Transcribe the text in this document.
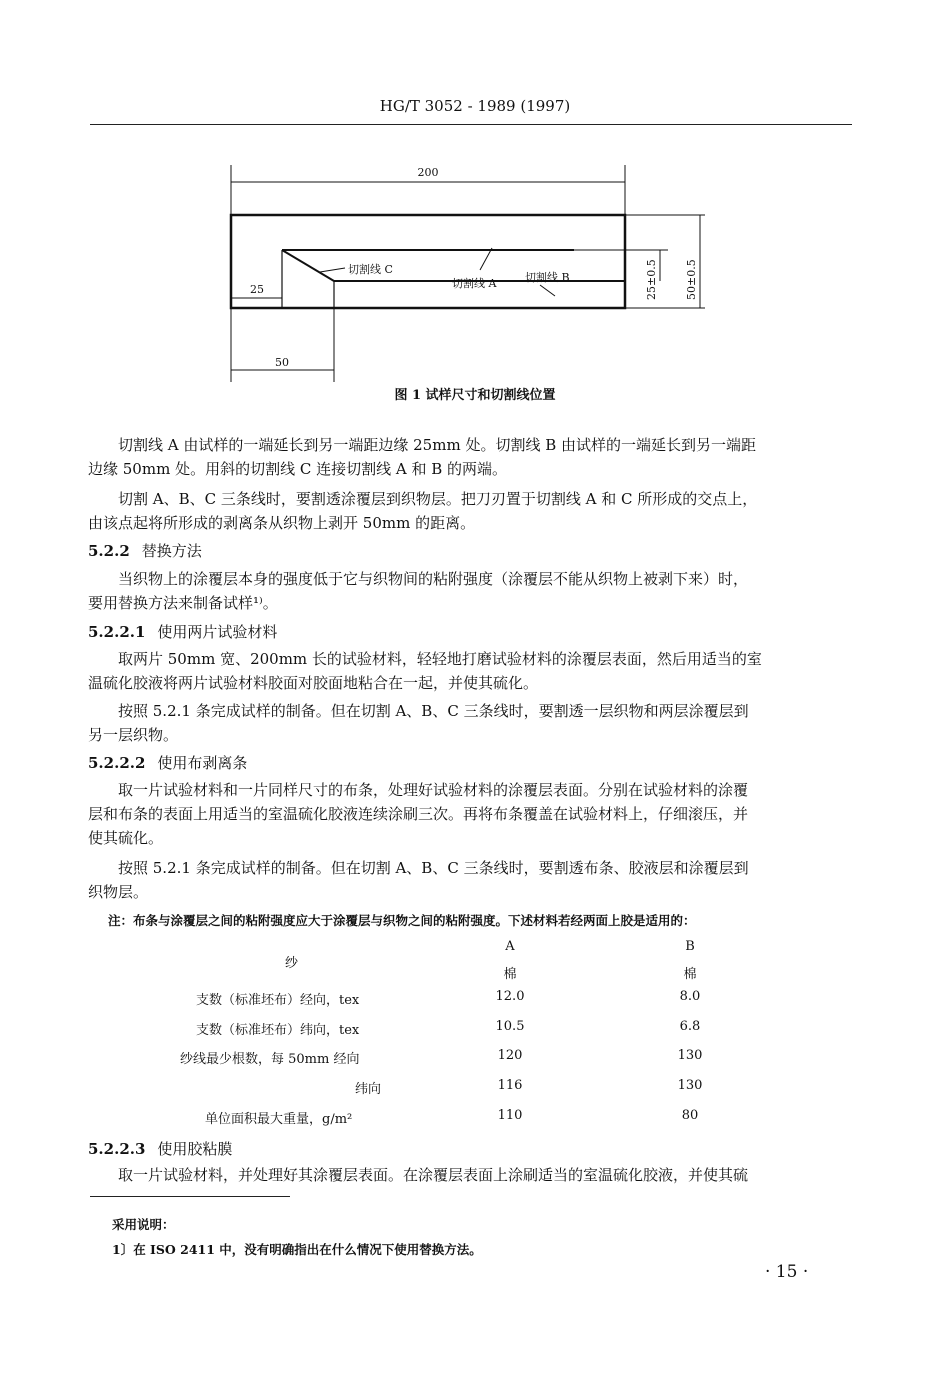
HG/T 3052 - 1989 (1997)
200
25
50
切割线 C
切割线 A	切割线 B	25±0.5 50±0.5
图 1 试样尺寸和切割线位置
切割线 A 由试样的一端延长到另一端距边缘 25mm 处。切割线 B 由试样的一端延长到另一端距
边缘 50mm 处。用斜的切割线 C 连接切割线 A 和 B 的两端。
切割 A、B、C 三条线时，要割透涂覆层到织物层。把刀刃置于切割线 A 和 C 所形成的交点上，
由该点起将所形成的剥离条从织物上剥开 50mm 的距离。
5.2.2 替换方法
当织物上的涂覆层本身的强度低于它与织物间的粘附强度（涂覆层不能从织物上被剥下来）时，
要用替换方法来制备试样¹⁾。
5.2.2.1 使用两片试验材料
取两片 50mm 宽、200mm 长的试验材料，轻轻地打磨试验材料的涂覆层表面，然后用适当的室
温硫化胶液将两片试验材料胶面对胶面地粘合在一起，并使其硫化。
按照 5.2.1 条完成试样的制备。但在切割 A、B、C 三条线时，要割透一层织物和两层涂覆层到
另一层织物。
5.2.2.2 使用布剥离条
取一片试验材料和一片同样尺寸的布条，处理好试验材料的涂覆层表面。分别在试验材料的涂覆
层和布条的表面上用适当的室温硫化胶液连续涂刷三次。再将布条覆盖在试验材料上，仔细滚压，并
使其硫化。
按照 5.2.1 条完成试样的制备。但在切割 A、B、C 三条线时，要割透布条、胶液层和涂覆层到
织物层。
注：布条与涂覆层之间的粘附强度应大于涂覆层与织物之间的粘附强度。下述材料若经两面上胶是适用的：
纱
A	B
棉	棉
支数（标准坯布）经向，tex	12.0	8.0
支数（标准坯布）纬向，tex	10.5	6.8
纱线最少根数，每 50mm 经向	120	130
纬向	116	130
单位面积最大重量，g/m²	110	80
5.2.2.3 使用胶粘膜
取一片试验材料，并处理好其涂覆层表面。在涂覆层表面上涂刷适当的室温硫化胶液，并使其硫
采用说明：
1〕在 ISO 2411 中，没有明确指出在什么情况下使用替换方法。
· 15 ·
